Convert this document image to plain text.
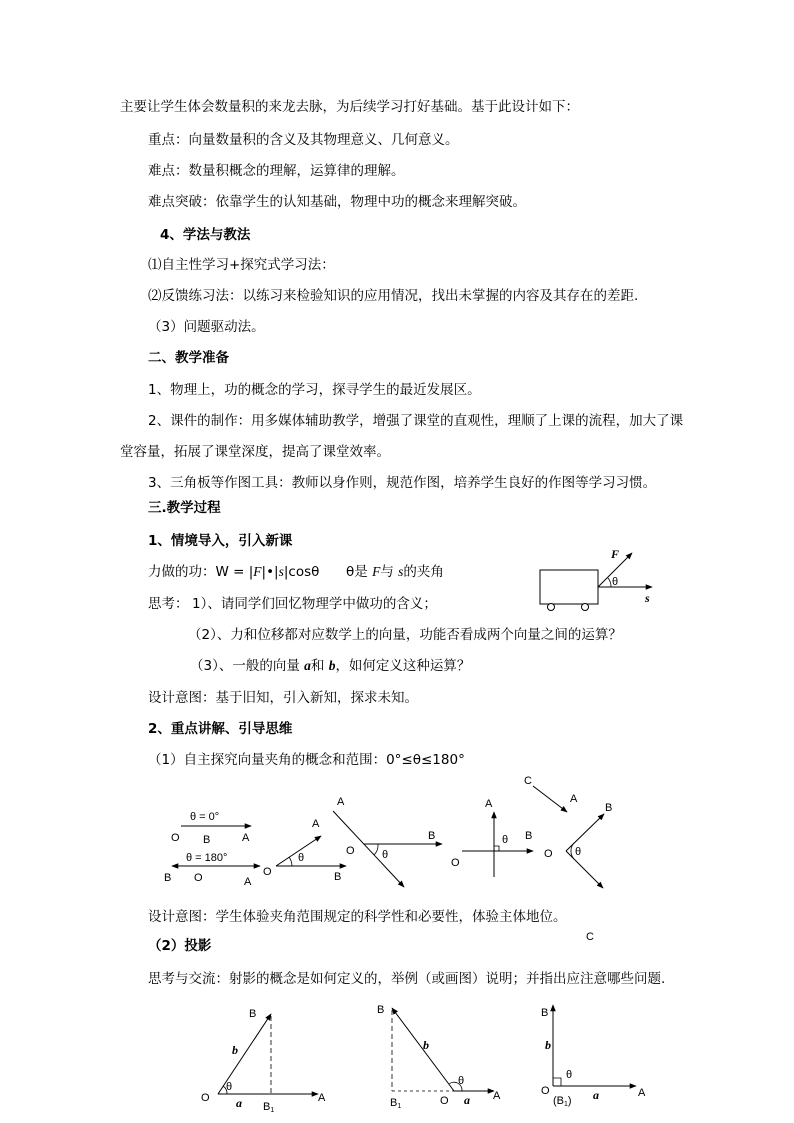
主要让学生体会数量积的来龙去脉，为后续学习打好基础。基于此设计如下：
重点：向量数量积的含义及其物理意义、几何意义。
难点：数量积概念的理解，运算律的理解。
难点突破：依靠学生的认知基础，物理中功的概念来理解突破。
4、学法与教法
⑴自主性学习+探究式学习法：
⑵反馈练习法：以练习来检验知识的应用情况，找出未掌握的内容及其存在的差距.
（3）问题驱动法。
二、教学准备
1、物理上，功的概念的学习，探寻学生的最近发展区。
2、课件的制作：用多媒体辅助教学，增强了课堂的直观性，理顺了上课的流程，加大了课
堂容量，拓展了课堂深度，提高了课堂效率。
3、三角板等作图工具：教师以身作则，规范作图，培养学生良好的作图等学习习惯。
三.教学过程
1、情境导入，引入新课
力做的功：W = |F|•|s|cosθ θ是 F与 s的夹角
思考： 1）、请同学们回忆物理学中做功的含义；
（2）、力和位移都对应数学上的向量，功能否看成两个向量之间的运算？
（3）、一般的向量 a和 b，如何定义这种运算？
设计意图：基于旧知，引入新知，探求未知。
2、重点讲解、引导思维
（1）自主探究向量夹角的概念和范围：0°≤θ≤180°
设计意图：学生体验夹角范围规定的科学性和必要性，体验主体地位。
（2）投影
思考与交流：射影的概念是如何定义的，举例（或画图）说明；并指出应注意哪些问题.
F
s
θ
θ = 0°
O B	A
θ = 180°
B O	A
O
A
B
θ
A
O
B
θ
A
O
θ B
C
A
B
O θ
C
B
b
θ
O a B1
A
B
b
θ
B1	O a A
B
b
θ
O
(B1) a	A
